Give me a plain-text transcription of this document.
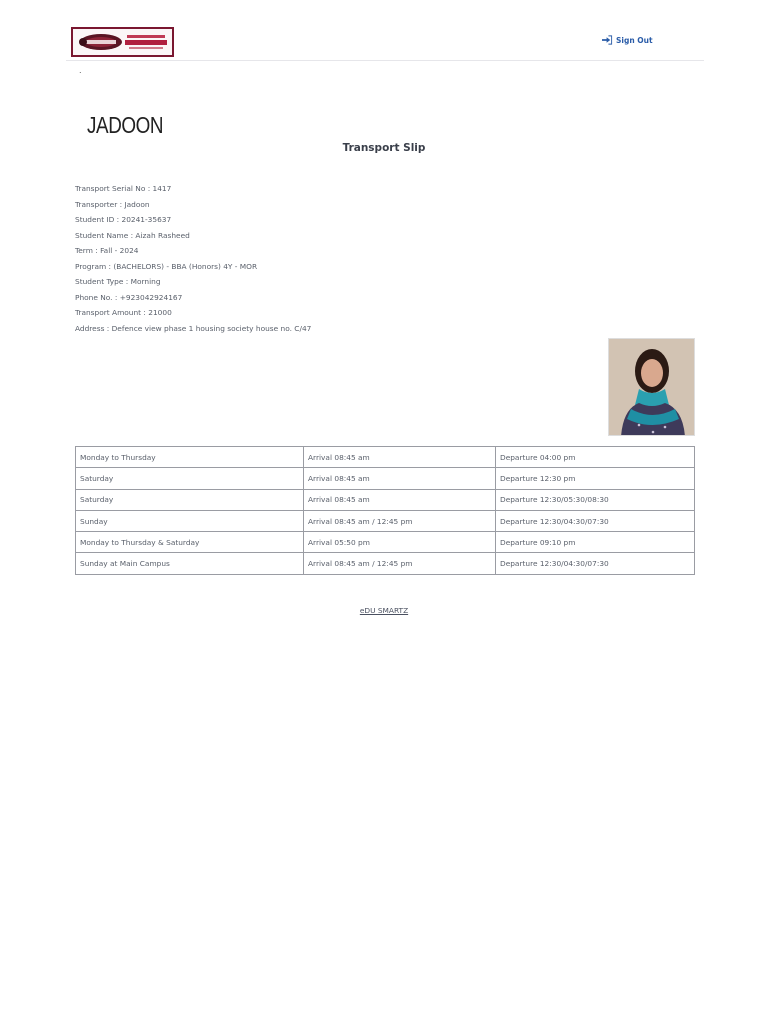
Sign Out
.
JADOON
Transport Slip
Transport Serial No : 1417
Transporter : Jadoon
Student ID : 20241-35637
Student Name : Aizah Rasheed
Term : Fall - 2024
Program : (BACHELORS) - BBA (Honors) 4Y - MOR
Student Type : Morning
Phone No. : +923042924167
Transport Amount : 21000
Address : Defence view phase 1 housing society house no. C/47
Monday to Thursday	Arrival 08:45 am	Departure 04:00 pm
Saturday	Arrival 08:45 am	Departure 12:30 pm
Saturday	Arrival 08:45 am	Departure 12:30/05:30/08:30
Sunday	Arrival 08:45 am / 12:45 pm	Departure 12:30/04:30/07:30
Monday to Thursday & Saturday	Arrival 05:50 pm	Departure 09:10 pm
Sunday at Main Campus	Arrival 08:45 am / 12:45 pm	Departure 12:30/04:30/07:30
eDU SMARTZ
